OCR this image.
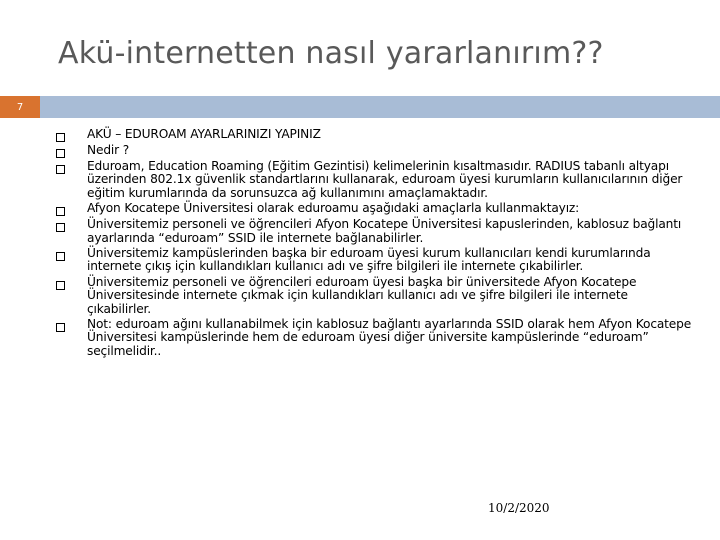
Akü-internetten nasıl yararlanırım??
7
AKÜ – EDUROAM AYARLARINIZI YAPINIZ
Nedir ?
Eduroam, Education Roaming (Eğitim Gezintisi) kelimelerinin kısaltmasıdır. RADIUS tabanlı altyapı üzerinden 802.1x güvenlik standartlarını kullanarak, eduroam üyesi kurumların kullanıcılarının diğer eğitim kurumlarında da sorunsuzca ağ kullanımını amaçlamaktadır.
Afyon Kocatepe Üniversitesi olarak eduroamu aşağıdaki amaçlarla kullanmaktayız:
Üniversitemiz personeli ve öğrencileri Afyon Kocatepe Üniversitesi kapuslerinden, kablosuz bağlantı ayarlarında “eduroam” SSID ile internete bağlanabilirler.
Üniversitemiz kampüslerinden başka bir eduroam üyesi kurum kullanıcıları kendi kurumlarında internete çıkış için kullandıkları kullanıcı adı ve şifre bilgileri ile internete çıkabilirler.
Üniversitemiz personeli ve öğrencileri eduroam üyesi başka bir üniversitede Afyon Kocatepe Üniversitesinde internete çıkmak için kullandıkları kullanıcı adı ve şifre bilgileri ile internete çıkabilirler.
Not: eduroam ağını kullanabilmek için kablosuz bağlantı ayarlarında SSID olarak hem Afyon Kocatepe Üniversitesi kampüslerinde hem de eduroam üyesi diğer üniversite kampüslerinde “eduroam” seçilmelidir..
10/2/2020
